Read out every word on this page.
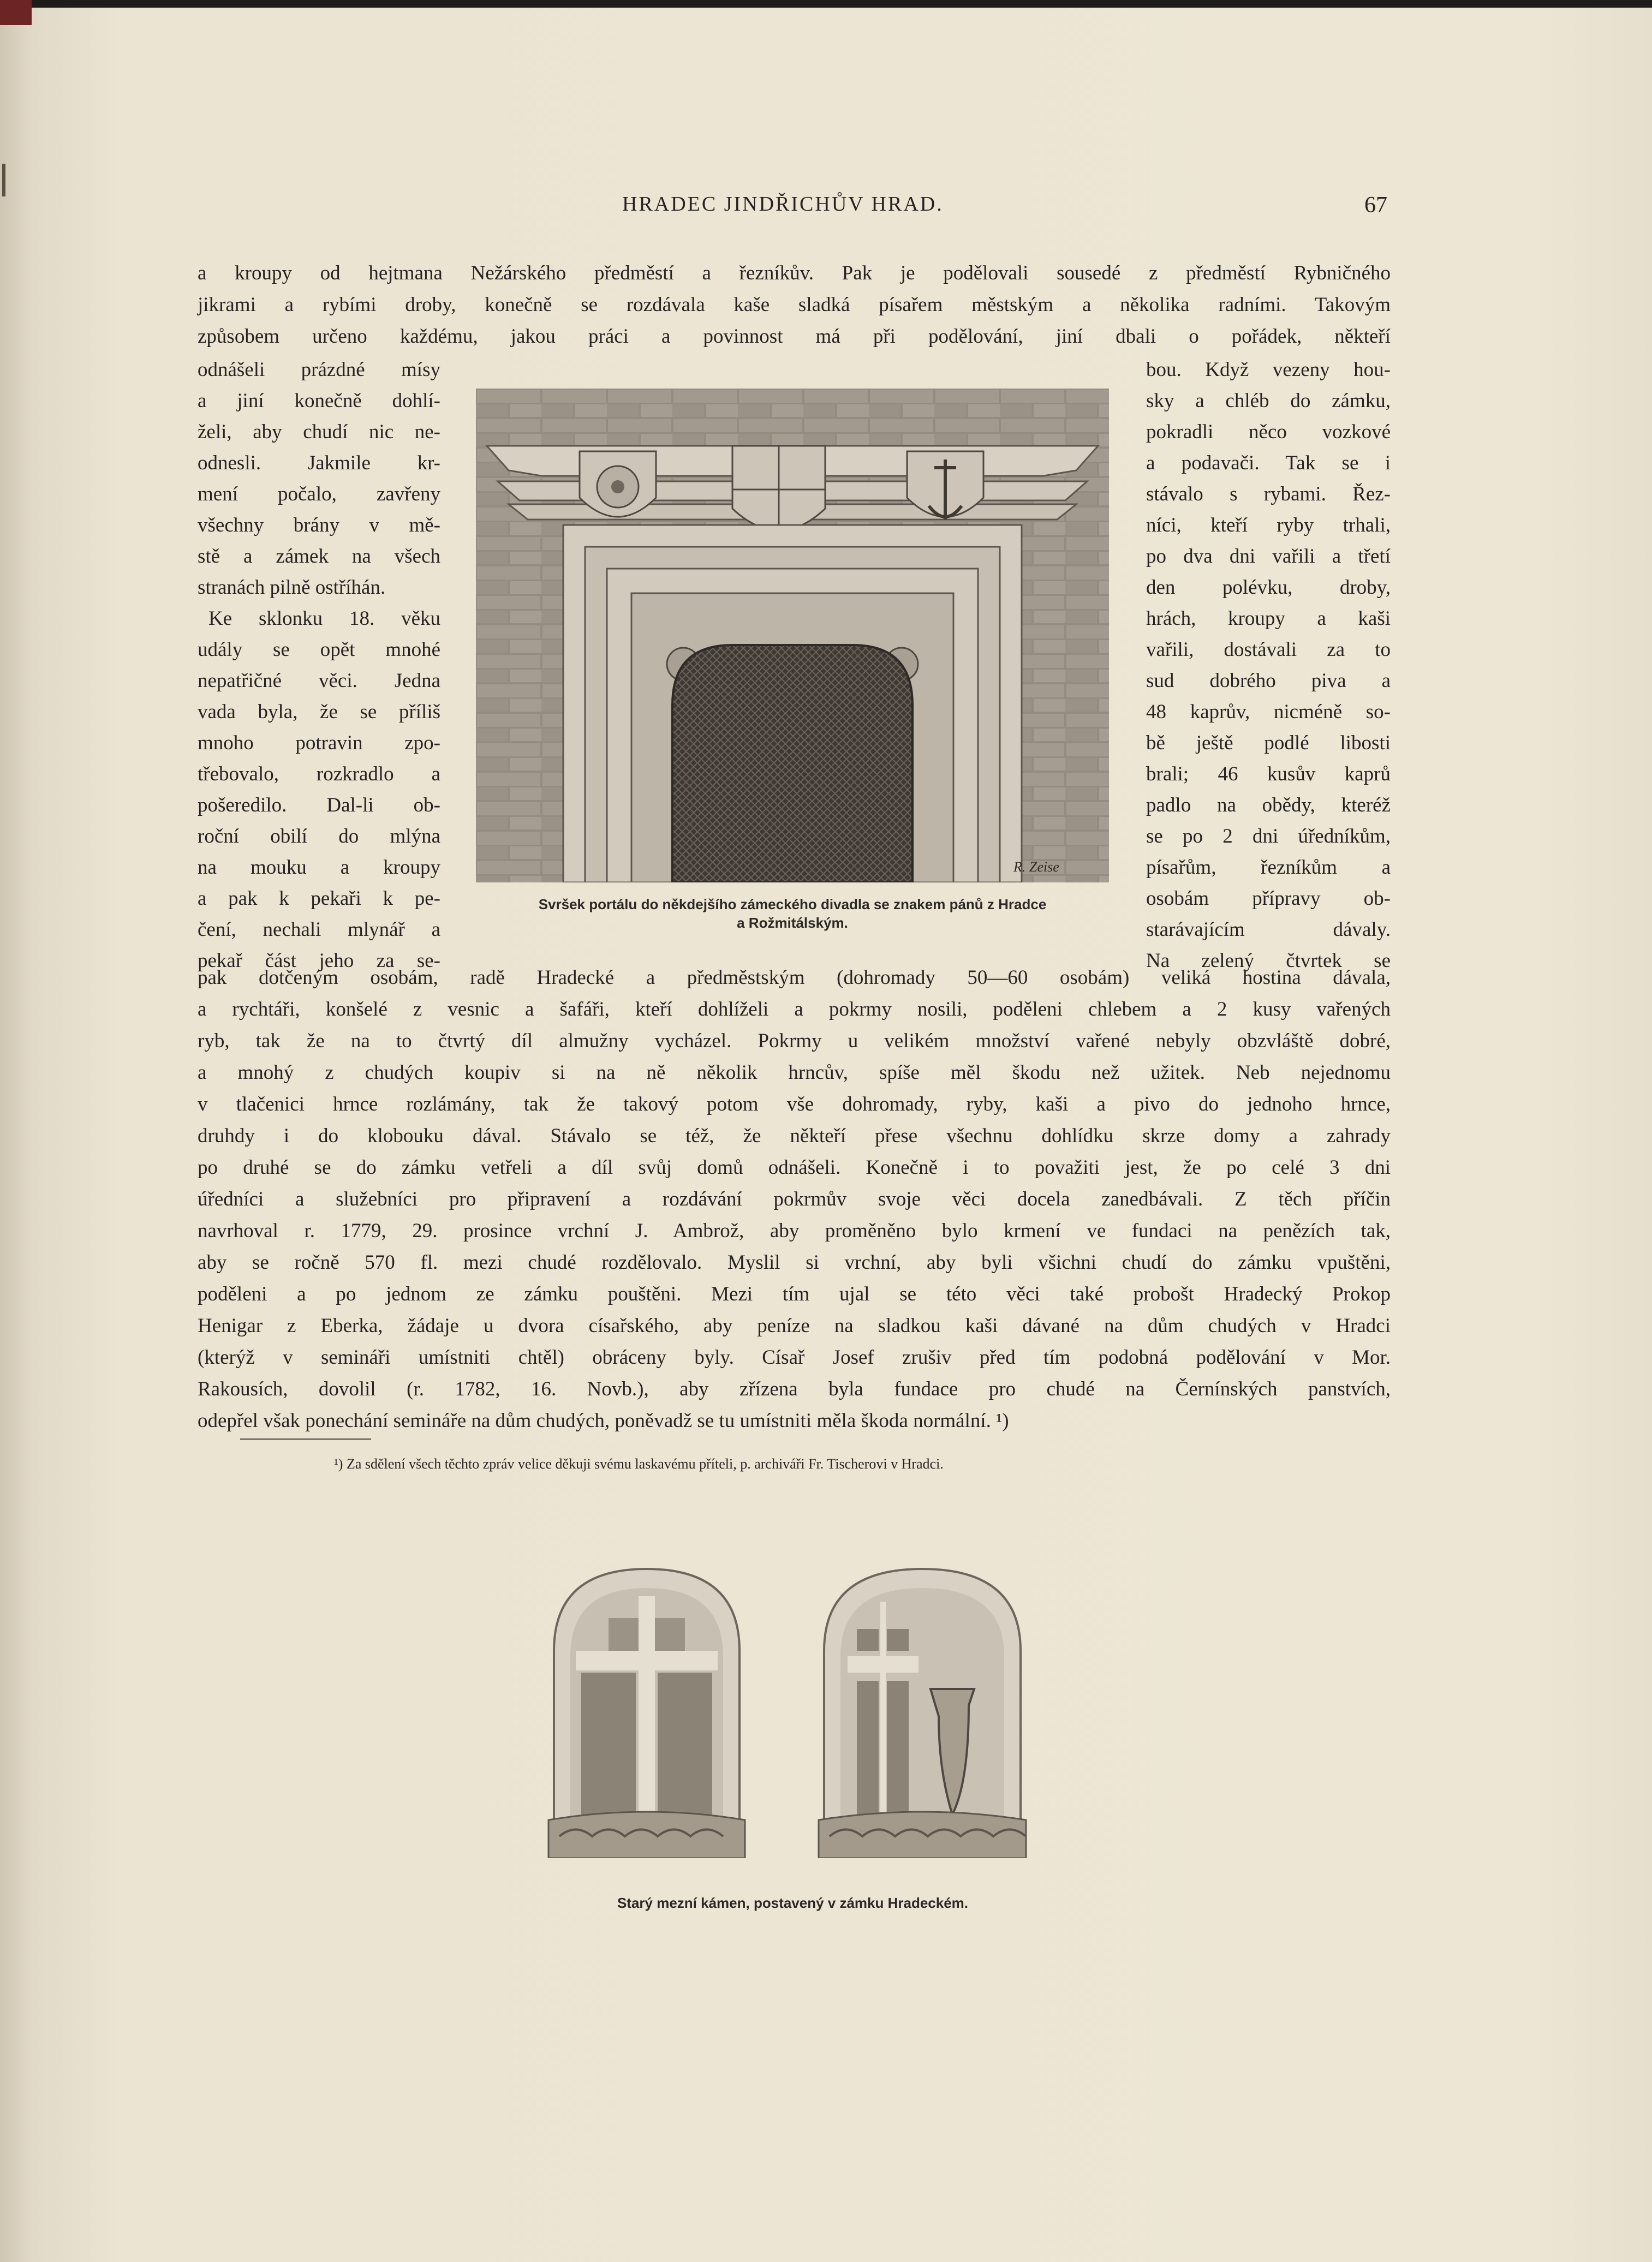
HRADEC JINDŘICHŮV HRAD.	67
a kroupy od hejtmana Nežárského předměstí a řezníkův. Pak je podělovali sousedé z předměstí Rybničného
jikrami a rybími droby, konečně se rozdávala kaše sladká písařem městským a několika radními. Takovým
způsobem určeno každému, jakou práci a povinnost má při podělování, jiní dbali o pořádek, někteří
odnášeli prázdné mísy
a jiní konečně dohlí-
želi, aby chudí nic ne-
odnesli. Jakmile kr-
mení počalo, zavřeny
všechny brány v mě-
stě a zámek na všech
stranách pilně ostříhán.
Ke sklonku 18. věku
udály se opět mnohé
nepatřičné věci. Jedna
vada byla, že se příliš
mnoho potravin zpo-
třebovalo, rozkradlo a
pošeredilo. Dal-li ob-
roční obilí do mlýna
na mouku a kroupy
a pak k pekaři k pe-
čení, nechali mlynář a
pekař část jeho za se-
bou. Když vezeny hou-
sky a chléb do zámku,
pokradli něco vozkové
a podavači. Tak se i
stávalo s rybami. Řez-
níci, kteří ryby trhali,
po dva dni vařili a třetí
den polévku, droby,
hrách, kroupy a kaši
vařili, dostávali za to
sud dobrého piva a
48 kaprův, nicméně so-
bě ještě podlé libosti
brali; 46 kusův kaprů
padlo na obědy, kteréž
se po 2 dni úředníkům,
písařům, řezníkům a
osobám přípravy ob-
starávajícím dávaly.
Na zelený čtvrtek se
R. Zeise
Svršek portálu do někdejšího zámeckého divadla se znakem pánů z Hradce
a Rožmitálským.
pak dotčeným osobám, radě Hradecké a předměstským (dohromady 50—60 osobám) veliká hostina dávala,
a rychtáři, konšelé z vesnic a šafáři, kteří dohlíželi a pokrmy nosili, poděleni chlebem a 2 kusy vařených
ryb, tak že na to čtvrtý díl almužny vycházel. Pokrmy u velikém množství vařené nebyly obzvláště dobré,
a mnohý z chudých koupiv si na ně několik hrncův, spíše měl škodu než užitek. Neb nejednomu
v tlačenici hrnce rozlámány, tak že takový potom vše dohromady, ryby, kaši a pivo do jednoho hrnce,
druhdy i do klobouku dával. Stávalo se též, že někteří přese všechnu dohlídku skrze domy a zahrady
po druhé se do zámku vetřeli a díl svůj domů odnášeli. Konečně i to považiti jest, že po celé 3 dni
úředníci a služebníci pro připravení a rozdávání pokrmův svoje věci docela zanedbávali. Z těch příčin
navrhoval r. 1779, 29. prosince vrchní J. Ambrož, aby proměněno bylo krmení ve fundaci na penězích tak,
aby se ročně 570 fl. mezi chudé rozdělovalo. Myslil si vrchní, aby byli všichni chudí do zámku vpuštěni,
poděleni a po jednom ze zámku pouštěni. Mezi tím ujal se této věci také probošt Hradecký Prokop
Henigar z Eberka, žádaje u dvora císařského, aby peníze na sladkou kaši dávané na dům chudých v Hradci
(kterýž v semináři umístniti chtěl) obráceny byly. Císař Josef zrušiv před tím podobná podělování v Mor.
Rakousích, dovolil (r. 1782, 16. Novb.), aby zřízena byla fundace pro chudé na Černínských panstvích,
odepřel však ponechání semináře na dům chudých, poněvadž se tu umístniti měla škoda normální. ¹)
¹) Za sdělení všech těchto zpráv velice děkuji svému laskavému příteli, p. archiváři Fr. Tischerovi v Hradci.
Starý mezní kámen, postavený v zámku Hradeckém.
